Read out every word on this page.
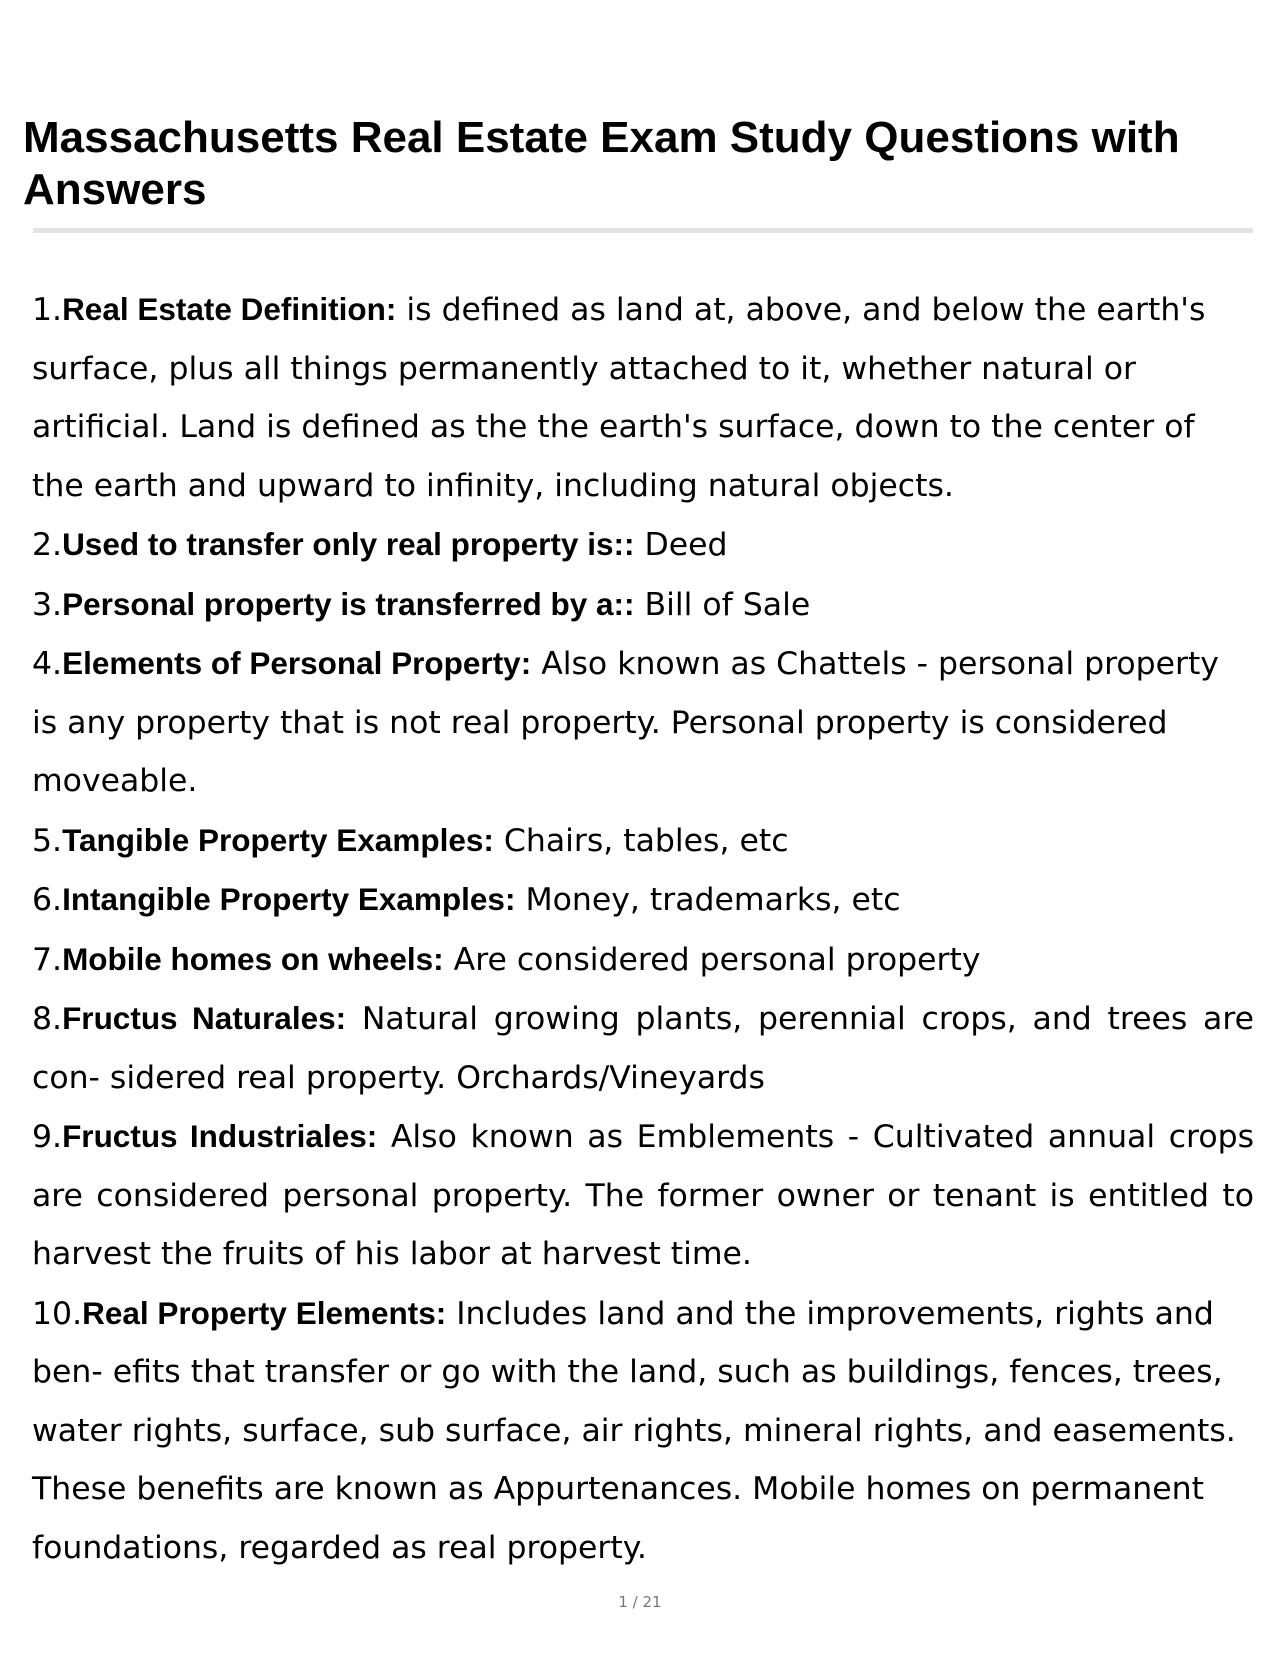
Massachusetts Real Estate Exam Study Questions with Answers
1.Real Estate Definition: is defined as land at, above, and below the earth's surface, plus all things permanently attached to it, whether natural or artificial. Land is defined as the the earth's surface, down to the center of the earth and upward to infinity, including natural objects.
2.Used to transfer only real property is:: Deed
3.Personal property is transferred by a:: Bill of Sale
4.Elements of Personal Property: Also known as Chattels - personal property is any property that is not real property. Personal property is considered moveable.
5.Tangible Property Examples: Chairs, tables, etc
6.Intangible Property Examples: Money, trademarks, etc
7.Mobile homes on wheels: Are considered personal property
8.Fructus Naturales: Natural growing plants, perennial crops, and trees are con- sidered real property. Orchards/Vineyards
9.Fructus Industriales: Also known as Emblements - Cultivated annual crops are considered personal property. The former owner or tenant is entitled to harvest the fruits of his labor at harvest time.
10.Real Property Elements: Includes land and the improvements, rights and ben- efits that transfer or go with the land, such as buildings, fences, trees, water rights, surface, sub surface, air rights, mineral rights, and easements. These benefits are known as Appurtenances. Mobile homes on permanent foundations, regarded as real property.
1 / 21
